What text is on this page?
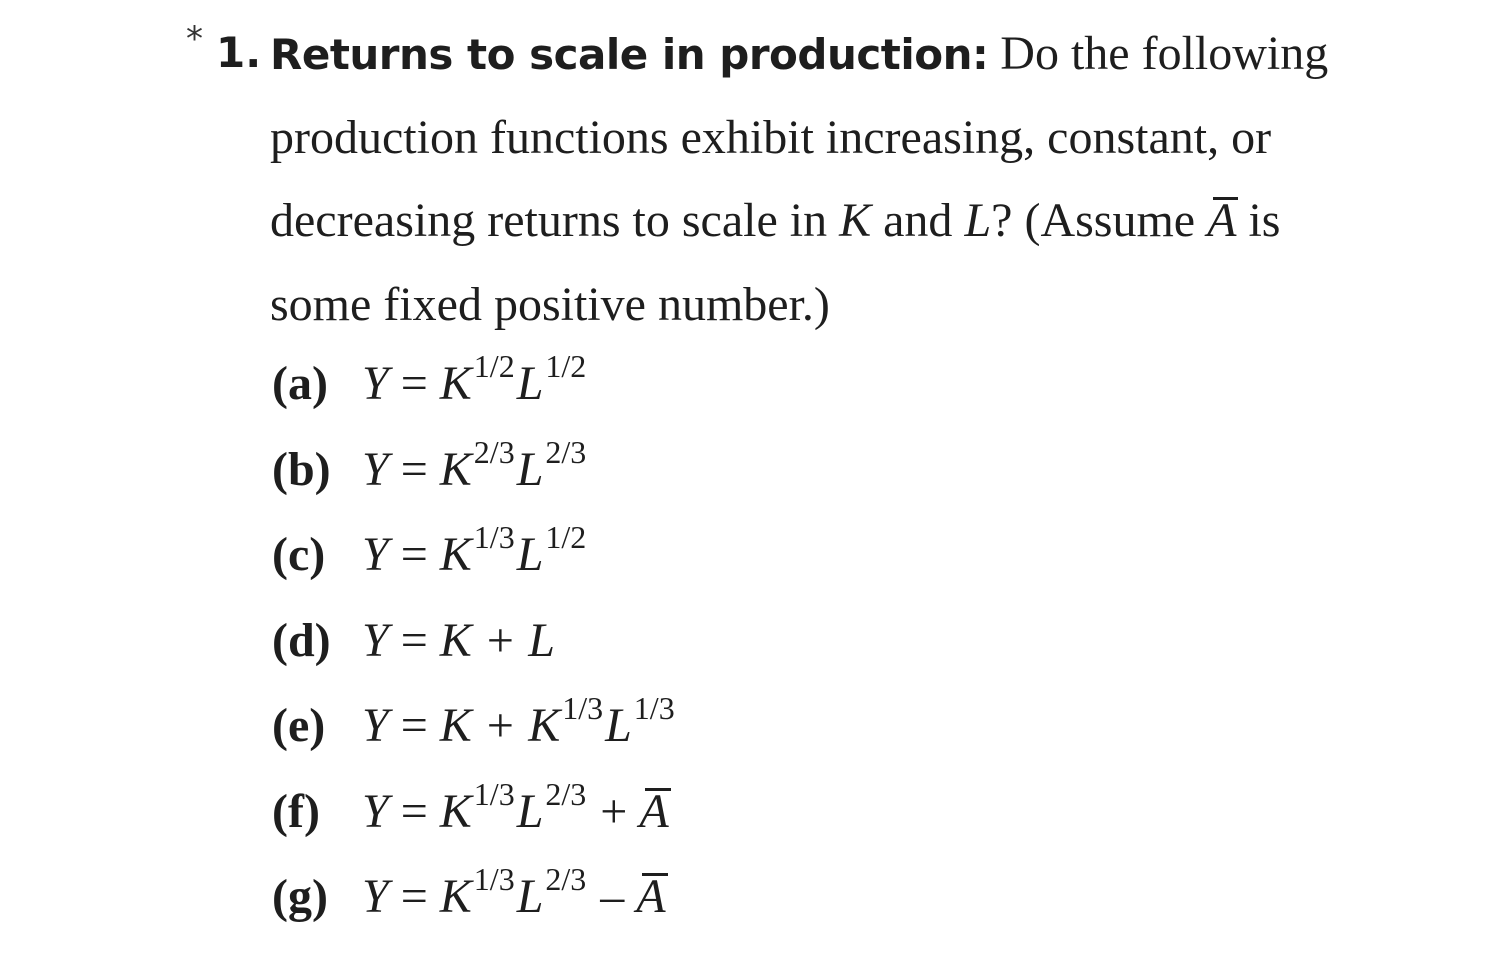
* 1. Returns to scale in production: Do the following
production functions exhibit increasing, constant, or
decreasing returns to scale in K and L? (Assume A is
some fixed positive number.)
(a) $Y = K^{1/2}L^{1/2}$
(b) $Y = K^{2/3}L^{2/3}$
(c) $Y = K^{1/3}L^{1/2}$
(d) Y = K + L
(e) $Y = K + K^{1/3}L^{1/3}$
(f) $Y = K^{1/3}L^{2/3} + A$
(g) $Y = K^{1/3}L^{2/3} - A$
